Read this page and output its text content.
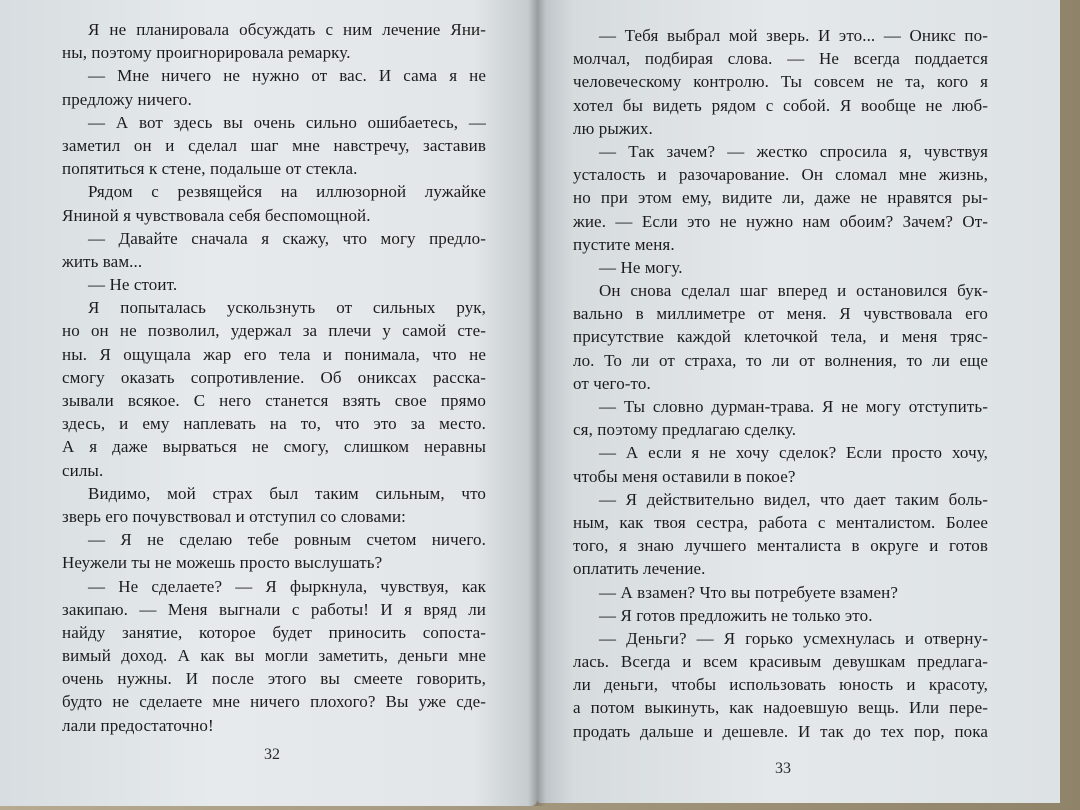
Я не планировала обсуждать с ним лечение Яни-
ны, поэтому проигнорировала ремарку.
— Мне ничего не нужно от вас. И сама я не
предложу ничего.
— А вот здесь вы очень сильно ошибаетесь, —
заметил он и сделал шаг мне навстречу, заставив
попятиться к стене, подальше от стекла.
Рядом с резвящейся на иллюзорной лужайке
Яниной я чувствовала себя беспомощной.
— Давайте сначала я скажу, что могу предло-
жить вам...
— Не стоит.
Я попыталась ускользнуть от сильных рук,
но он не позволил, удержал за плечи у самой сте-
ны. Я ощущала жар его тела и понимала, что не
смогу оказать сопротивление. Об ониксах расска-
зывали всякое. С него станется взять свое прямо
здесь, и ему наплевать на то, что это за место.
А я даже вырваться не смогу, слишком неравны
силы.
Видимо, мой страх был таким сильным, что
зверь его почувствовал и отступил со словами:
— Я не сделаю тебе ровным счетом ничего.
Неужели ты не можешь просто выслушать?
— Не сделаете? — Я фыркнула, чувствуя, как
закипаю. — Меня выгнали с работы! И я вряд ли
найду занятие, которое будет приносить сопоста-
вимый доход. А как вы могли заметить, деньги мне
очень нужны. И после этого вы смеете говорить,
будто не сделаете мне ничего плохого? Вы уже сде-
лали предостаточно!
32
— Тебя выбрал мой зверь. И это... — Оникс по-
молчал, подбирая слова. — Не всегда поддается
человеческому контролю. Ты совсем не та, кого я
хотел бы видеть рядом с собой. Я вообще не люб-
лю рыжих.
— Так зачем? — жестко спросила я, чувствуя
усталость и разочарование. Он сломал мне жизнь,
но при этом ему, видите ли, даже не нравятся ры-
жие. — Если это не нужно нам обоим? Зачем? От-
пустите меня.
— Не могу.
Он снова сделал шаг вперед и остановился бук-
вально в миллиметре от меня. Я чувствовала его
присутствие каждой клеточкой тела, и меня тряс-
ло. То ли от страха, то ли от волнения, то ли еще
от чего-то.
— Ты словно дурман-трава. Я не могу отступить-
ся, поэтому предлагаю сделку.
— А если я не хочу сделок? Если просто хочу,
чтобы меня оставили в покое?
— Я действительно видел, что дает таким боль-
ным, как твоя сестра, работа с менталистом. Более
того, я знаю лучшего менталиста в округе и готов
оплатить лечение.
— А взамен? Что вы потребуете взамен?
— Я готов предложить не только это.
— Деньги? — Я горько усмехнулась и отверну-
лась. Всегда и всем красивым девушкам предлага-
ли деньги, чтобы использовать юность и красоту,
а потом выкинуть, как надоевшую вещь. Или пере-
продать дальше и дешевле. И так до тех пор, пока
33
